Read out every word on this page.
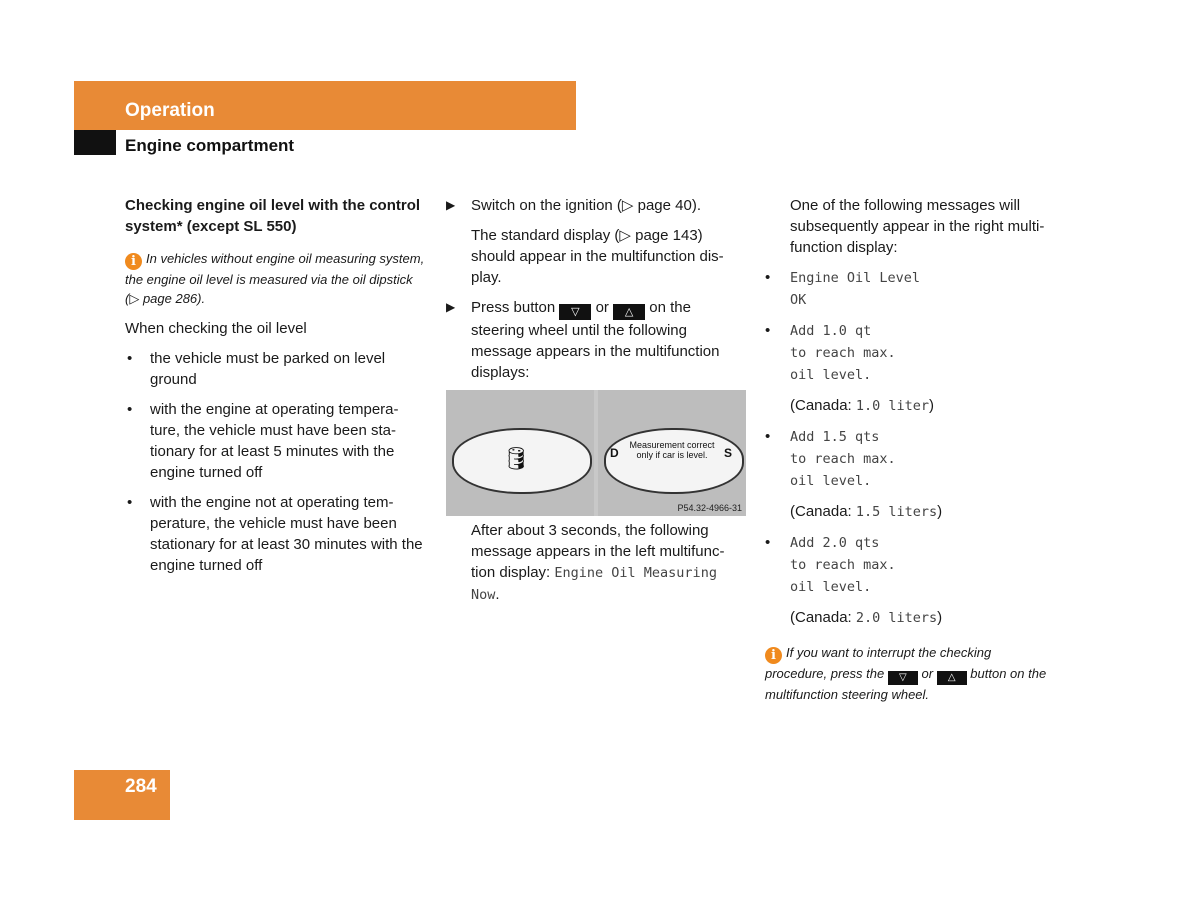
Operation
Engine compartment

Checking engine oil level with the control system* (except SL 550)

i In vehicles without engine oil measuring system, the engine oil level is measured via the oil dipstick (▷ page 286).

When checking the oil level

• the vehicle must be parked on level ground
• with the engine at operating tempera-ture, the vehicle must have been sta-tionary for at least 5 minutes with the engine turned off
• with the engine not at operating tem-perature, the vehicle must have been stationary for at least 30 minutes with the engine turned off

▶ Switch on the ignition (▷ page 40).

The standard display (▷ page 143) should appear in the multifunction dis-play.

▶ Press button ▽ or △ on the steering wheel until the following message appears in the multifunction displays:

🛢	D	S
Measurement correct only if car is level.
P54.32-4966-31
After about 3 seconds, the following message appears in the left multifunc-tion display: Engine Oil Measuring Now.

One of the following messages will subsequently appear in the right multi-function display:

• Engine Oil Level
OK
• Add 1.0 qt
to reach max.
oil level.

(Canada: 1.0 liter)

• Add 1.5 qts
to reach max.
oil level.

(Canada: 1.5 liters)

• Add 2.0 qts
to reach max.
oil level.

(Canada: 2.0 liters)

i If you want to interrupt the checking procedure, press the ▽ or △ button on the multifunction steering wheel.

284
